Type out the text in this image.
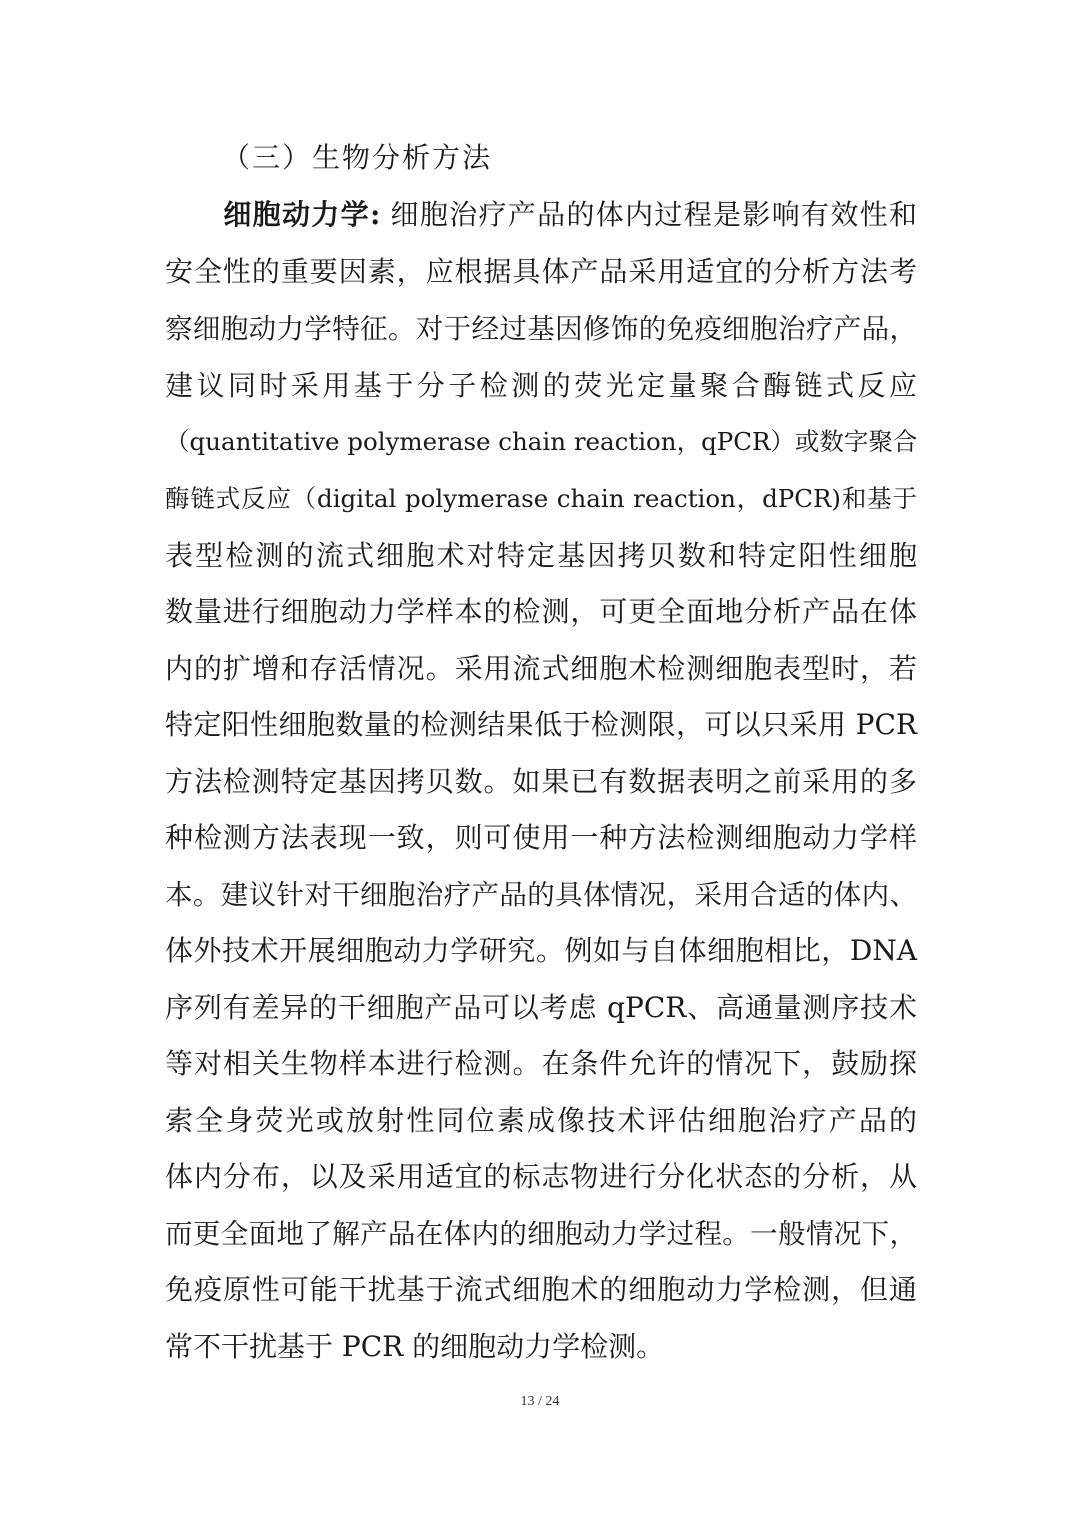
（三）生物分析方法
细胞动力学: 细胞治疗产品的体内过程是影响有效性和
安全性的重要因素，应根据具体产品采用适宜的分析方法考
察细胞动力学特征。对于经过基因修饰的免疫细胞治疗产品，
建议同时采用基于分子检测的荧光定量聚合酶链式反应
（quantitative polymerase chain reaction，qPCR）或数字聚合
酶链式反应（digital polymerase chain reaction，dPCR)和基于
表型检测的流式细胞术对特定基因拷贝数和特定阳性细胞
数量进行细胞动力学样本的检测，可更全面地分析产品在体
内的扩增和存活情况。采用流式细胞术检测细胞表型时，若
特定阳性细胞数量的检测结果低于检测限，可以只采用 PCR
方法检测特定基因拷贝数。如果已有数据表明之前采用的多
种检测方法表现一致，则可使用一种方法检测细胞动力学样
本。建议针对干细胞治疗产品的具体情况，采用合适的体内、
体外技术开展细胞动力学研究。例如与自体细胞相比，DNA
序列有差异的干细胞产品可以考虑 qPCR、高通量测序技术
等对相关生物样本进行检测。在条件允许的情况下，鼓励探
索全身荧光或放射性同位素成像技术评估细胞治疗产品的
体内分布，以及采用适宜的标志物进行分化状态的分析，从
而更全面地了解产品在体内的细胞动力学过程。一般情况下，
免疫原性可能干扰基于流式细胞术的细胞动力学检测，但通
常不干扰基于 PCR 的细胞动力学检测。
13 / 24
